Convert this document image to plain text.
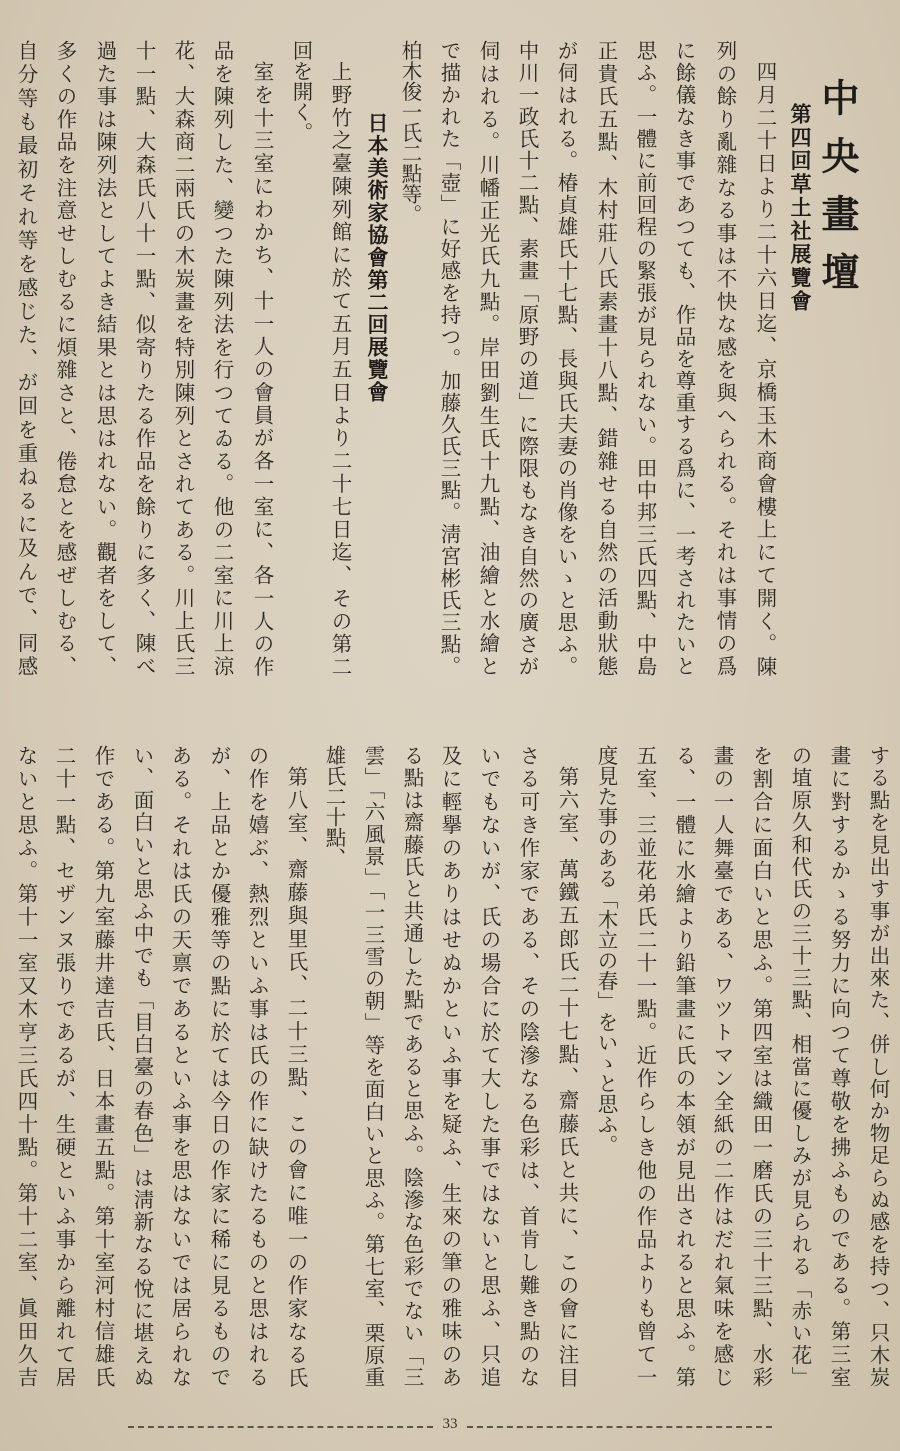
中央畫壇
第四回草土社展覽會
四月二十日より二十六日迄、京橋玉木商會樓上にて開く。陳
列の餘り亂雜なる事は不快な感を與へられる。それは事情の爲
に餘儀なき事であつても、作品を尊重する爲に、一考されたいと
思ふ。一體に前回程の緊張が見られない。田中邦三氏四點、中島
正貴氏五點、木村莊八氏素畫十八點、錯雜せる自然の活動狀態
が伺はれる。椿貞雄氏十七點、長與氏夫妻の肖像をいゝと思ふ。
中川一政氏十二點、素畫「原野の道」に際限もなき自然の廣さが
伺はれる。川幡正光氏九點。岸田劉生氏十九點、油繪と水繪と
で描かれた「壺」に好感を持つ。加藤久氏三點。淸宮彬氏三點。
柏木俊一氏二點等。
日本美術家協會第二回展覽會
上野竹之臺陳列館に於て五月五日より二十七日迄、その第二
回を開く。
室を十三室にわかち、十一人の會員が各一室に、各一人の作
品を陳列した、變つた陳列法を行つてゐる。他の二室に川上涼
花、大森商二兩氏の木炭畫を特別陳列とされてある。川上氏三
十一點、大森氏八十一點、似寄りたる作品を餘りに多く、陳べ
過た事は陳列法としてよき結果とは思はれない。觀者をして、
多くの作品を注意せしむるに煩雜さと、倦怠とを感ぜしむる、
自分等も最初それ等を感じた、が回を重ねるに及んで、同感
する點を見出す事が出來た、併し何か物足らぬ感を持つ、只木炭
畫に對するかゝる努力に向つて尊敬を拂ふものである。第三室
の埴原久和代氏の三十三點、相當に優しみが見られる「赤い花」
を割合に面白いと思ふ。第四室は織田一磨氏の三十三點、水彩
畫の一人舞臺である、ワツトマン全紙の二作はだれ氣味を感じ
る、一體に水繪より鉛筆畫に氏の本領が見出されると思ふ。第
五室、三並花弟氏二十一點。近作らしき他の作品よりも曾て一
度見た事のある「木立の春」をいゝと思ふ。
第六室、萬鐵五郎氏二十七點、齋藤氏と共に、この會に注目
さる可き作家である、その陰滲なる色彩は、首肯し難き點のな
いでもないが、氏の場合に於て大した事ではないと思ふ、只追
及に輕擧のありはせぬかといふ事を疑ふ、生來の筆の雅味のあ
る點は齋藤氏と共通した點であると思ふ。陰滲な色彩でない「三
雲」「六風景」「一三雪の朝」等を面白いと思ふ。第七室、栗原重
雄氏二十點、
第八室、齋藤與里氏、二十三點、この會に唯一の作家なる氏
の作を嬉ぶ、熱烈といふ事は氏の作に缺けたるものと思はれる
が、上品とか優雅等の點に於ては今日の作家に稀に見るもので
ある。それは氏の天禀であるといふ事を思はないでは居られな
い、面白いと思ふ中でも「目白臺の春色」は淸新なる悅に堪えぬ
作である。第九室藤井達吉氏、日本畫五點。第十室河村信雄氏
二十一點、セザンヌ張りであるが、生硬といふ事から離れて居
ないと思ふ。第十一室又木亨三氏四十點。第十二室、眞田久吉
33
